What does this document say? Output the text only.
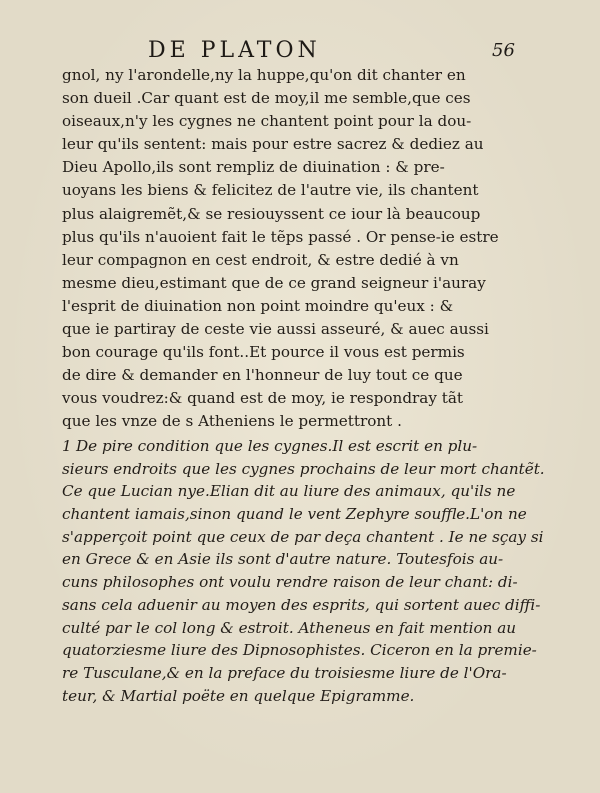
DE PLATON	56
gnol, ny l'arondelle,ny la huppe,qu'on dit chanter en
son dueil .Car quant est de moy,il me semble,que ces
oiseaux,n'y les cygnes ne chantent point pour la dou-
leur qu'ils sentent: mais pour estre sacrez & dediez au
Dieu Apollo,ils sont rempliz de diuination : & pre-
uoyans les biens & felicitez de l'autre vie, ils chantent
plus alaigremẽt,& se resiouyssent ce iour là beaucoup
plus qu'ils n'auoient fait le tẽps passé . Or pense-ie estre
leur compagnon en cest endroit, & estre dedié à vn
mesme dieu,estimant que de ce grand seigneur i'auray
l'esprit de diuination non point moindre qu'eux : &
que ie partiray de ceste vie aussi asseuré, & auec aussi
bon courage qu'ils font..Et pource il vous est permis
de dire & demander en l'honneur de luy tout ce que
vous voudrez:& quand est de moy, ie respondray tãt
que les vnze de s Atheniens le permettront .
1 De pire condition que les cygnes.Il est escrit en plu-
sieurs endroits que les cygnes prochains de leur mort chantẽt.
Ce que Lucian nye.Elian dit au liure des animaux, qu'ils ne
chantent iamais,sinon quand le vent Zephyre souffle.L'on ne
s'apperçoit point que ceux de par deça chantent . Ie ne sçay si
en Grece & en Asie ils sont d'autre nature. Toutesfois au-
cuns philosophes ont voulu rendre raison de leur chant: di-
sans cela aduenir au moyen des esprits, qui sortent auec diffi-
culté par le col long & estroit. Atheneus en fait mention au
quatorziesme liure des Dipnosophistes. Ciceron en la premie-
re Tusculane,& en la preface du troisiesme liure de l'Ora-
teur, & Martial poëte en quelque Epigramme.
